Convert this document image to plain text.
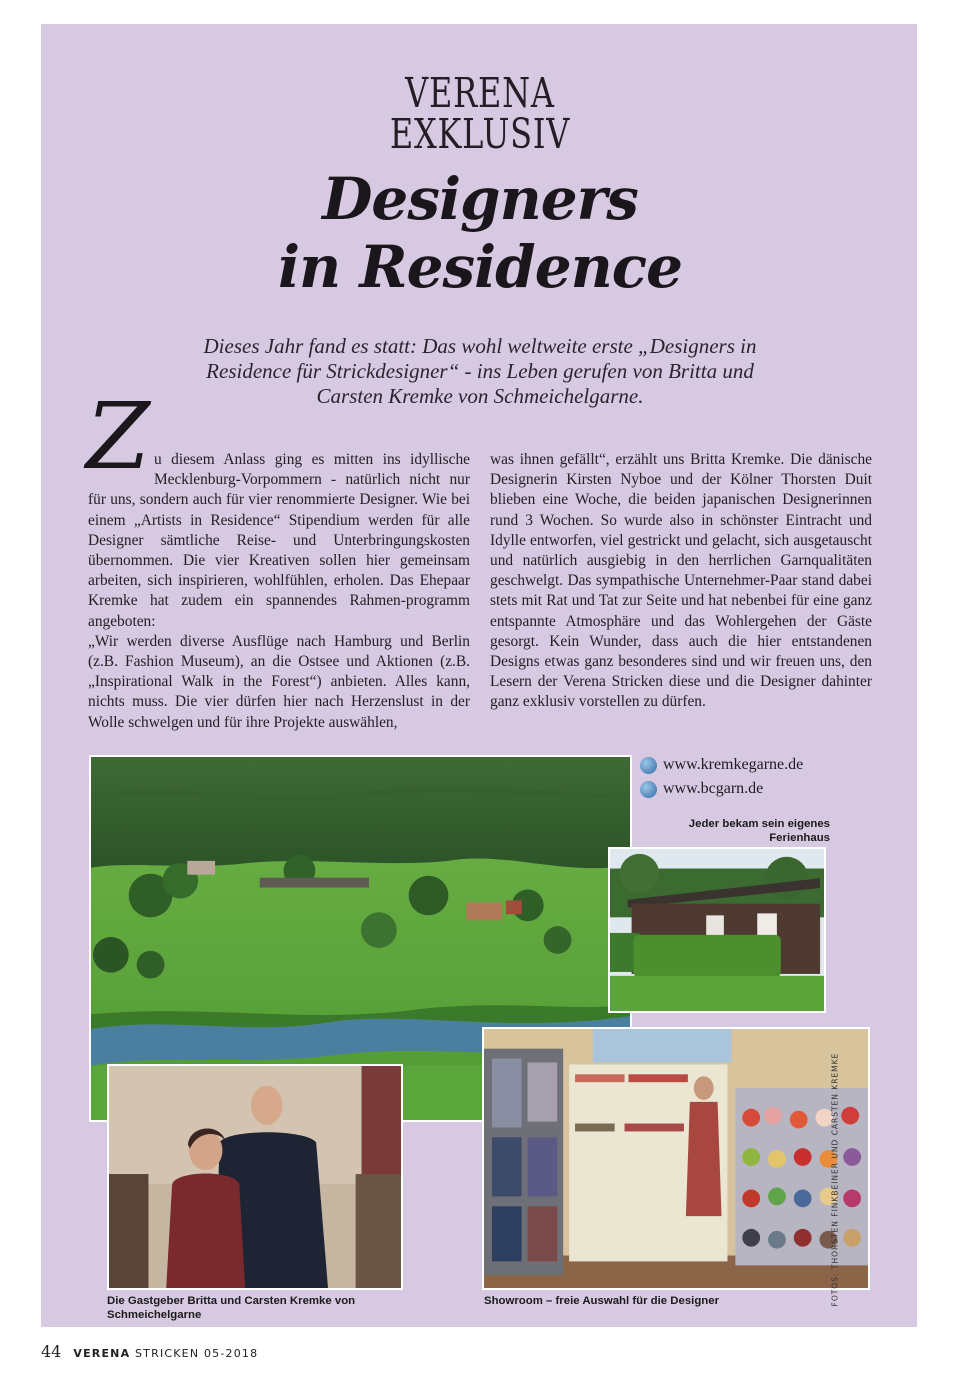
VERENA
EXKLUSIV
Designers
in Residence
Dieses Jahr fand es statt: Das wohl weltweite erste „Designers in
Residence für Strickdesigner“ - ins Leben gerufen von Britta und
Carsten Kremke von Schmeichelgarne.
Z u diesem Anlass ging es mitten ins idyllische Mecklenburg-Vorpommern - natürlich nicht nur für uns, sondern auch für vier renommierte Designer. Wie bei einem „Artists in Residence“ Stipendium werden für alle Designer sämtliche Reise- und Unterbringungskosten übernommen. Die vier Kreativen sollen hier gemeinsam arbeiten, sich inspirieren, wohlfühlen, erholen. Das Ehepaar Kremke hat zudem ein spannendes Rahmen-programm angeboten:

„Wir werden diverse Ausflüge nach Hamburg und Berlin (z.B. Fashion Museum), an die Ostsee und Aktionen (z.B. „Inspirational Walk in the Forest“) anbieten. Alles kann, nichts muss. Die vier dürfen hier nach Herzenslust in der Wolle schwelgen und für ihre Projekte auswählen,

was ihnen gefällt“, erzählt uns Britta Kremke. Die dänische Designerin Kirsten Nyboe und der Kölner Thorsten Duit blieben eine Woche, die beiden japanischen Designerinnen rund 3 Wochen. So wurde also in schönster Eintracht und Idylle entworfen, viel gestrickt und gelacht, sich ausgetauscht und natürlich ausgiebig in den herrlichen Garnqualitäten geschwelgt. Das sympathische Unternehmer-Paar stand dabei stets mit Rat und Tat zur Seite und hat nebenbei für eine ganz entspannte Atmosphäre und das Wohlergehen der Gäste gesorgt. Kein Wunder, dass auch die hier entstandenen Designs etwas ganz besonderes sind und wir freuen uns, den Lesern der Verena Stricken diese und die Designer dahinter ganz exklusiv vorstellen zu dürfen.

www.kremkegarne.de
www.bcgarn.de
Jeder bekam sein eigenes
Ferienhaus
Die Gastgeber Britta und Carsten Kremke von
Schmeichelgarne
Showroom – freie Auswahl für die Designer	FOTOS: THORSTEN FINKBEINER UND CARSTEN KREMKE
44 VERENA STRICKEN 05-2018
